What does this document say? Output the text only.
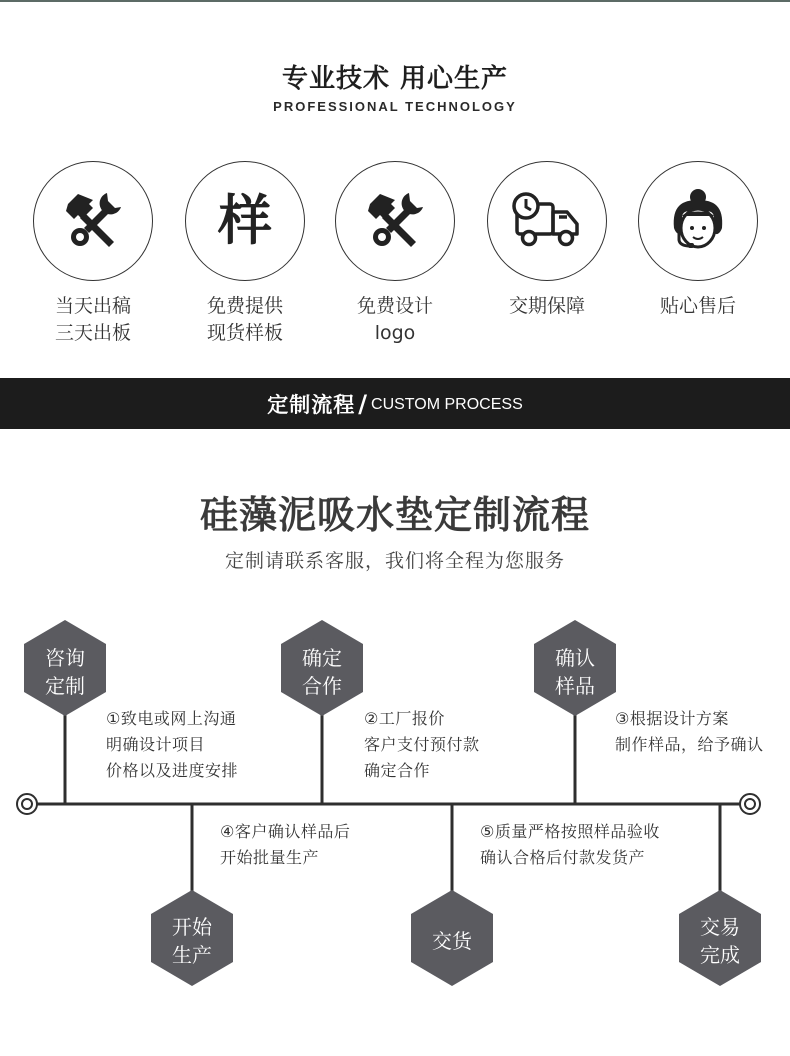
专业技术 用心生产
PROFESSIONAL TECHNOLOGY
当天出稿
三天出板
样
免费提供
现货样板
免费设计
logo
交期保障	贴心售后
定制流程 / CUSTOM PROCESS
硅藻泥吸水垫定制流程
定制请联系客服，我们将全程为您服务
咨询
定制
确定
合作
确认
样品
开始
生产
交货
交易
完成
①致电或网上沟通
明确设计项目
价格以及进度安排
②工厂报价
客户支付预付款
确定合作
③根据设计方案
制作样品，给予确认
④客户确认样品后
开始批量生产
⑤质量严格按照样品验收
确认合格后付款发货产
